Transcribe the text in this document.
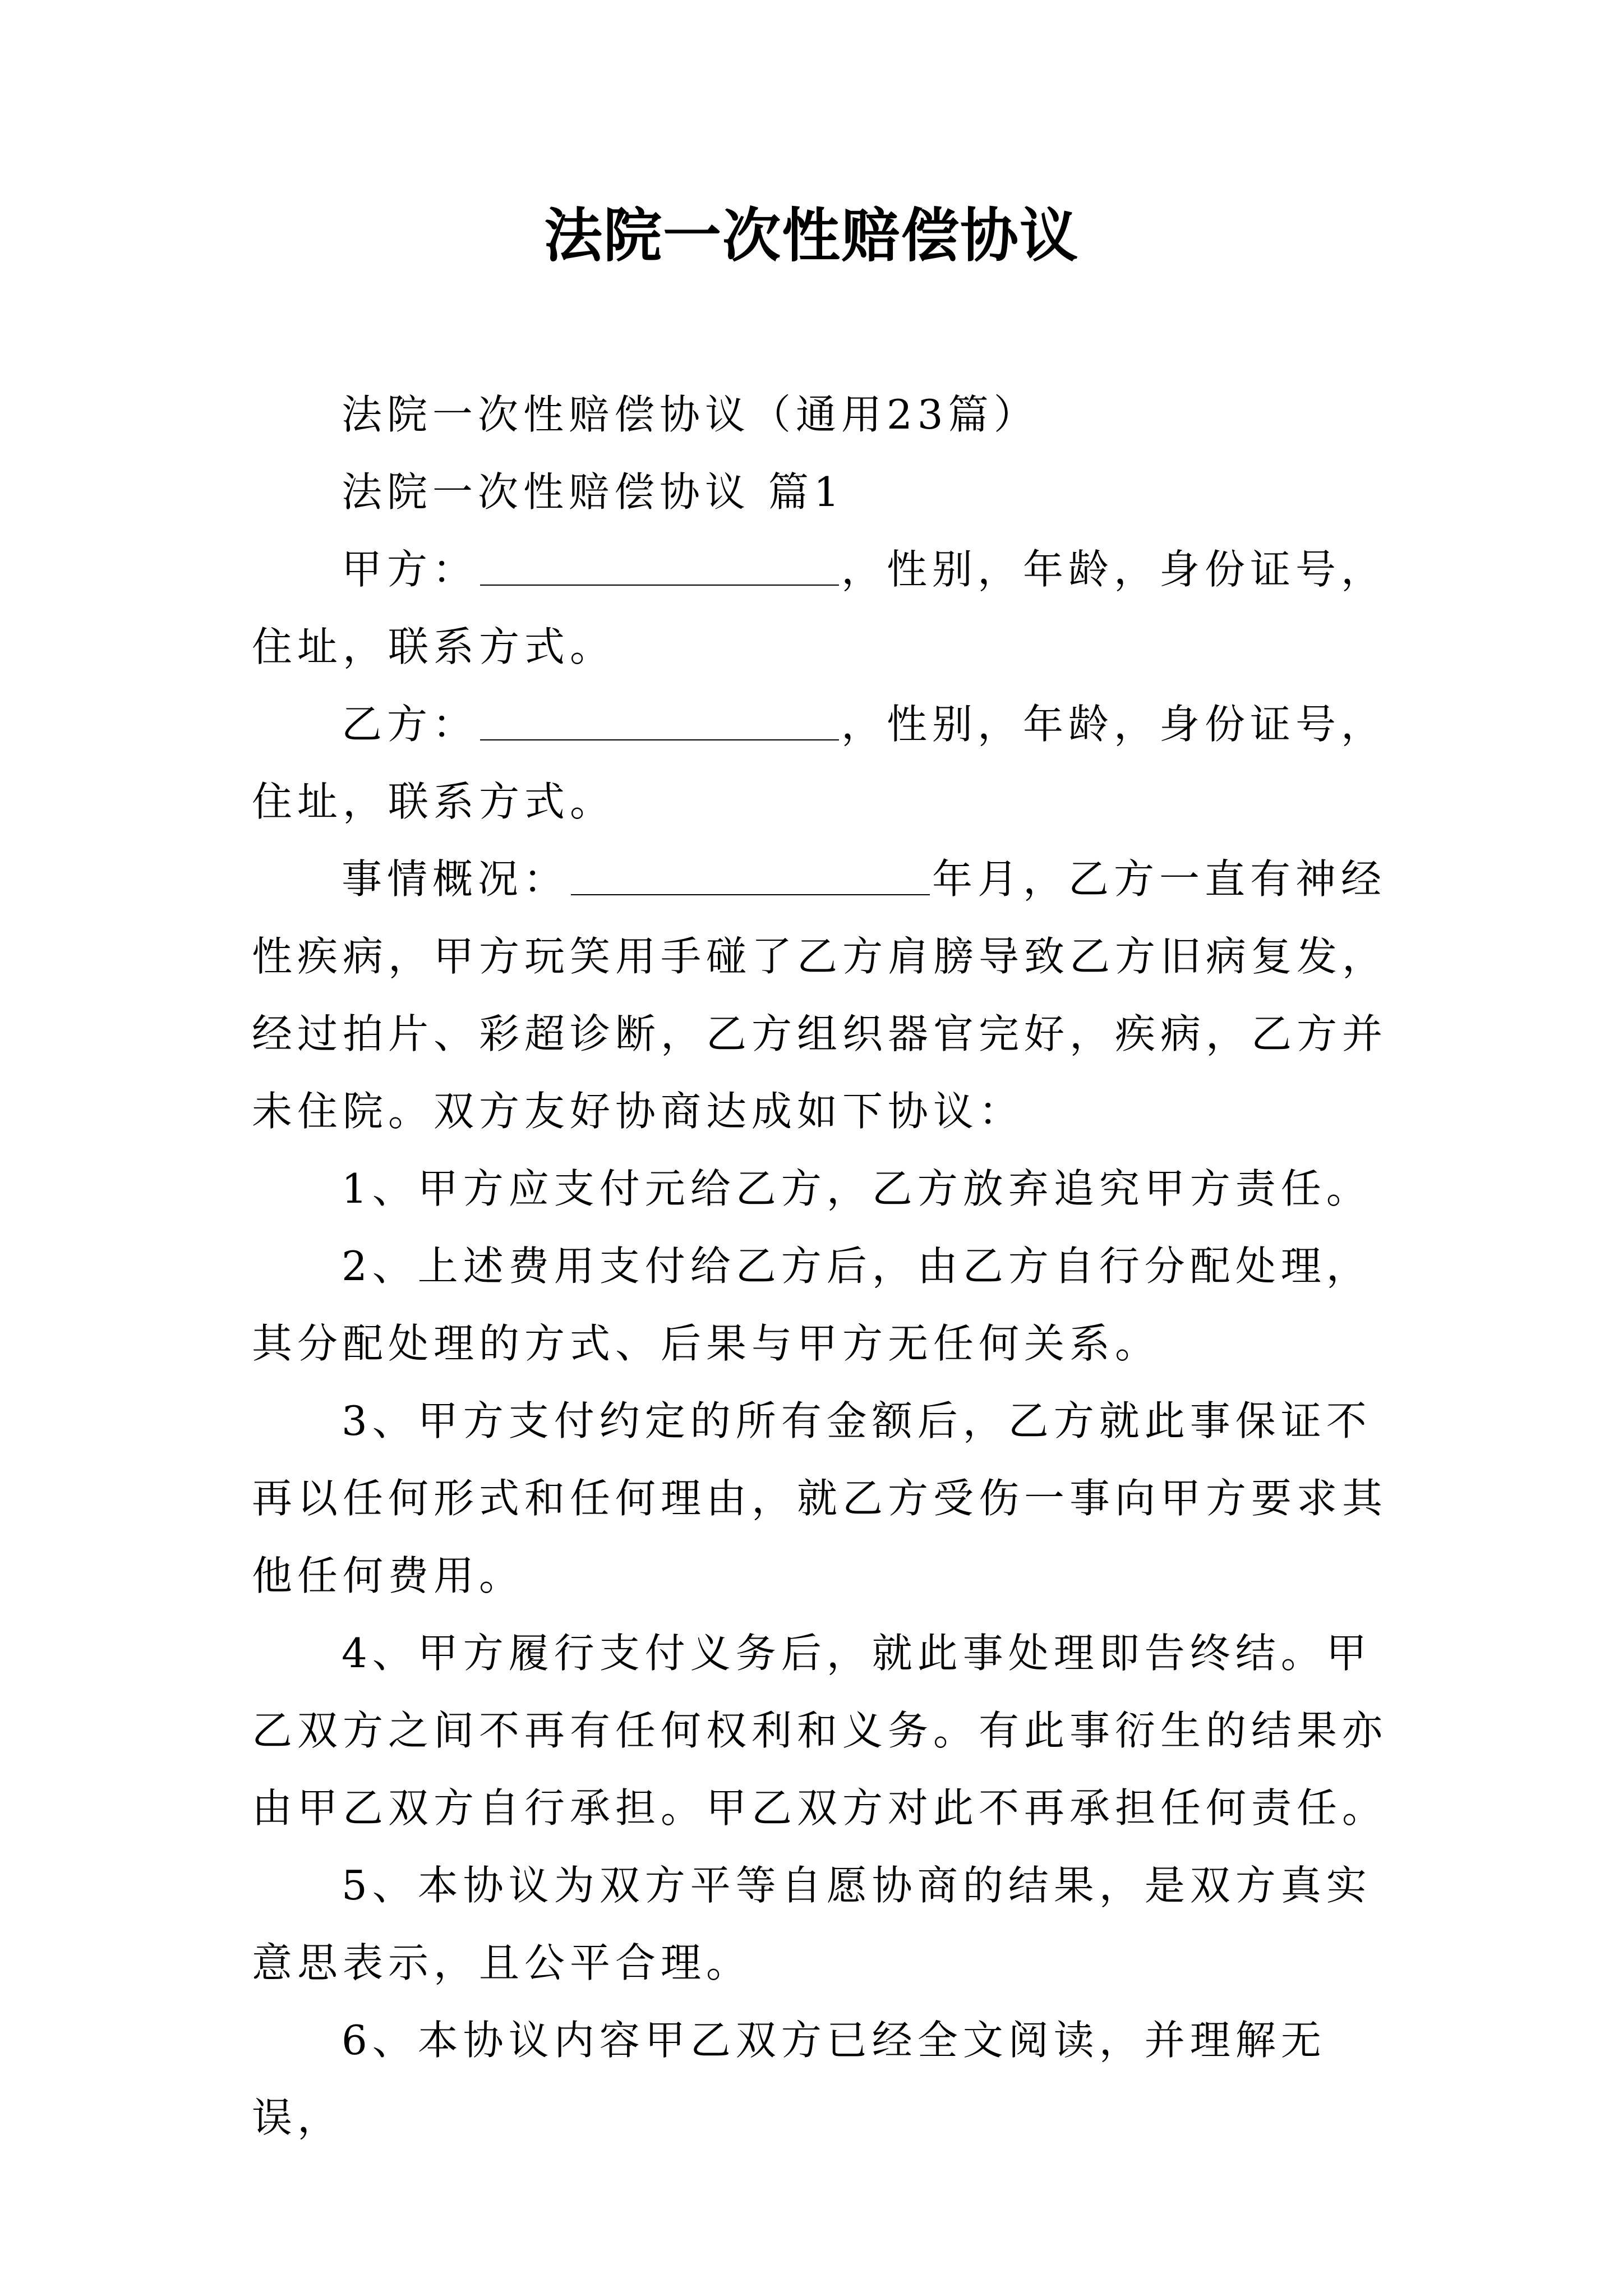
法院一次性赔偿协议

法院一次性赔偿协议（通用23篇）

法院一次性赔偿协议 篇1

甲方：	，性别，年龄，身份证号，住址，联系方式。

乙方：	，性别，年龄，身份证号，住址，联系方式。

事情概况：	年月，乙方一直有神经性疾病，甲方玩笑用手碰了乙方肩膀导致乙方旧病复发，经过拍片、彩超诊断，乙方组织器官完好，疾病，乙方并未住院。双方友好协商达成如下协议：

1、甲方应支付元给乙方，乙方放弃追究甲方责任。

2、上述费用支付给乙方后，由乙方自行分配处理，其分配处理的方式、后果与甲方无任何关系。

3、甲方支付约定的所有金额后，乙方就此事保证不再以任何形式和任何理由，就乙方受伤一事向甲方要求其他任何费用。

4、甲方履行支付义务后，就此事处理即告终结。甲乙双方之间不再有任何权利和义务。有此事衍生的结果亦由甲乙双方自行承担。甲乙双方对此不再承担任何责任。

5、本协议为双方平等自愿协商的结果，是双方真实意思表示，且公平合理。

6、本协议内容甲乙双方已经全文阅读，并理解无误，
